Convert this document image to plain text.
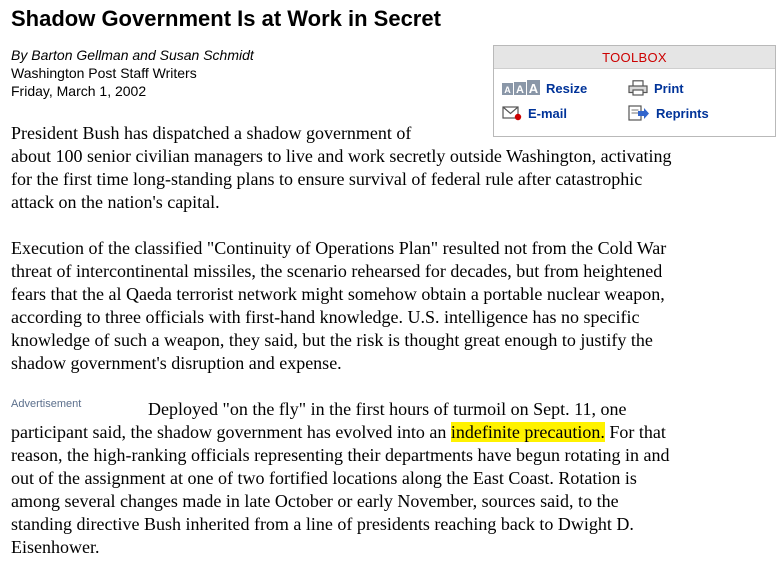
Shadow Government Is at Work in Secret
By Barton Gellman and Susan Schmidt
Washington Post Staff Writers
Friday, March 1, 2002
TOOLBOX
A A A Resize
E-mail
Print
Reprints

President Bush has dispatched a shadow government of
about 100 senior civilian managers to live and work secretly outside Washington, activating
for the first time long-standing plans to ensure survival of federal rule after catastrophic
attack on the nation's capital.

Execution of the classified "Continuity of Operations Plan" resulted not from the Cold War
threat of intercontinental missiles, the scenario rehearsed for decades, but from heightened
fears that the al Qaeda terrorist network might somehow obtain a portable nuclear weapon,
according to three officials with first-hand knowledge. U.S. intelligence has no specific
knowledge of such a weapon, they said, but the risk is thought great enough to justify the
shadow government's disruption and expense.

Advertisement	Deployed "on the fly" in the first hours of turmoil on Sept. 11, one
participant said, the shadow government has evolved into an indefinite precaution. For that
reason, the high-ranking officials representing their departments have begun rotating in and
out of the assignment at one of two fortified locations along the East Coast. Rotation is
among several changes made in late October or early November, sources said, to the
standing directive Bush inherited from a line of presidents reaching back to Dwight D.
Eisenhower.
